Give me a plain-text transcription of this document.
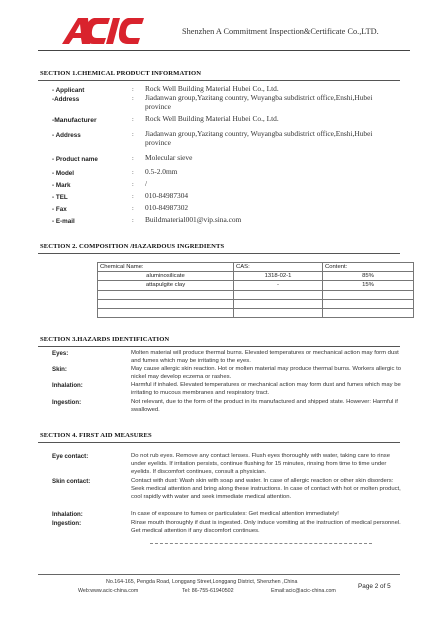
Shenzhen A Commitment Inspection&Certificate Co.,LTD.
SECTION 1.CHEMICAL PRODUCT INFORMATION
- Applicant	: Rock Well Building Material Hubei Co., Ltd.
-Address	: Jiadanwan group,Yazitang country, Wuyangba subdistrict office,Enshi,Hubei province
-Manufacturer	: Rock Well Building Material Hubei Co., Ltd.
- Address	: Jiadanwan group,Yazitang country, Wuyangba subdistrict office,Enshi,Hubei province
- Product name	: Molecular sieve
- Model	: 0.5-2.0mm
- Mark	: /
- TEL	: 010-84987304
- Fax	: 010-84987302
- E-mail	: Buildmaterial001@vip.sina.com
SECTION 2. COMPOSITION /HAZARDOUS INGREDIENTS
Chemical Name:	CAS:	Content:
aluminosilicate	1318-02-1	85%
attapulgite clay	-	15%

SECTION 3.HAZARDS IDENTIFICATION
Eyes:	Molten material will produce thermal burns. Elevated temperatures or mechanical action may form dust and fumes which may be irritating to the eyes.
Skin:	May cause allergic skin reaction. Hot or molten material may produce thermal burns. Workers allergic to nickel may develop eczema or rashes.
Inhalation:	Harmful if inhaled. Elevated temperatures or mechanical action may form dust and fumes which may be irritating to mucous membranes and respiratory tract.
Ingestion:	Not relevant, due to the form of the product in its manufactured and shipped state. However: Harmful if swallowed.
SECTION 4. FIRST AID MEASURES
Eye contact:	Do not rub eyes. Remove any contact lenses. Flush eyes thoroughly with water, taking care to rinse under eyelids. If irritation persists, continue flushing for 15 minutes, rinsing from time to time under eyelids. If discomfort continues, consult a physician.
Skin contact:	Contact with dust: Wash skin with soap and water. In case of allergic reaction or other skin disorders: Seek medical attention and bring along these instructions. In case of contact with hot or molten product, cool rapidly with water and seek immediate medical attention.
Inhalation:	In case of exposure to fumes or particulates: Get medical attention immediately!
Ingestion:	Rinse mouth thoroughly if dust is ingested. Only induce vomiting at the instruction of medical personnel. Get medical attention if any discomfort continues.
No.164-165, Pengda Road, Longgang Street,Longgang District, Shenzhen ,China
Web:www.acic-china.com	Tel: 86-755-61940502	Email:acic@acic-china.com
Page 2 of 5
